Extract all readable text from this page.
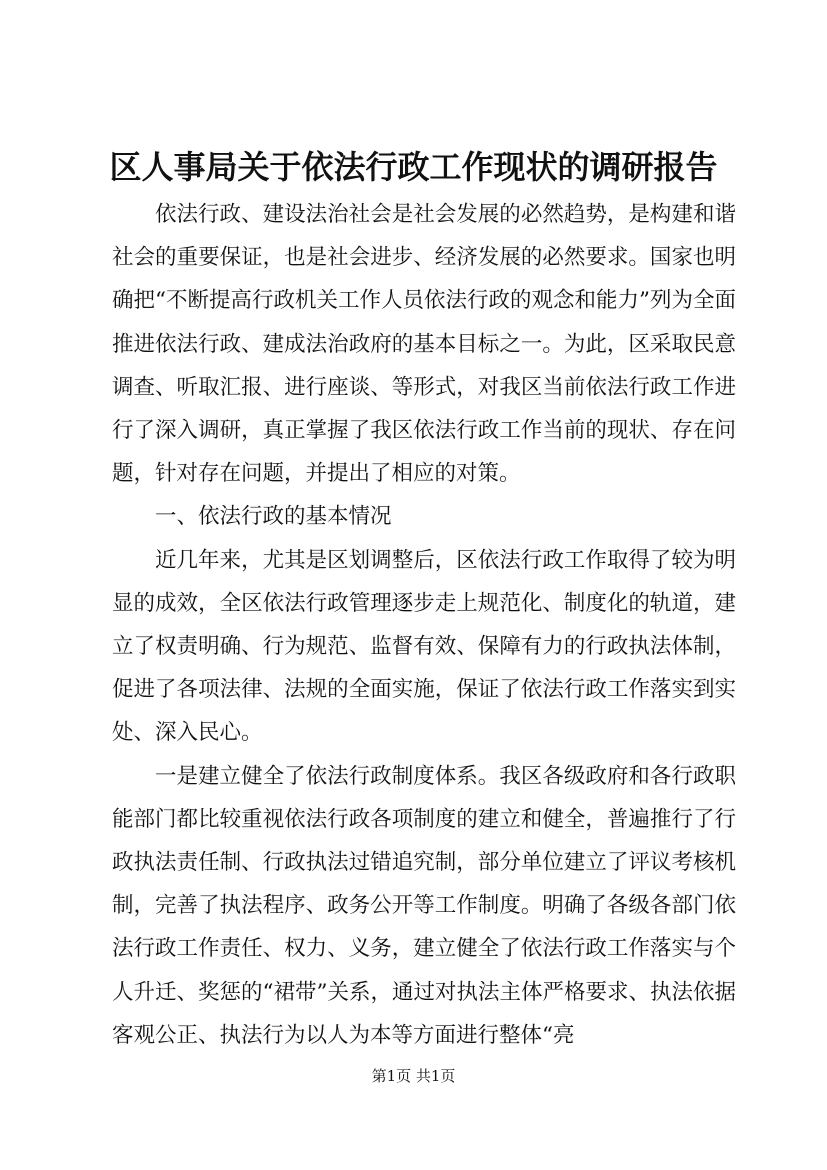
区人事局关于依法行政工作现状的调研报告

依法行政、建设法治社会是社会发展的必然趋势，是构建和谐社会的重要保证，也是社会进步、经济发展的必然要求。国家也明确把“不断提高行政机关工作人员依法行政的观念和能力”列为全面推进依法行政、建成法治政府的基本目标之一。为此，区采取民意调查、听取汇报、进行座谈、等形式，对我区当前依法行政工作进行了深入调研，真正掌握了我区依法行政工作当前的现状、存在问题，针对存在问题，并提出了相应的对策。

一、依法行政的基本情况

近几年来，尤其是区划调整后，区依法行政工作取得了较为明显的成效，全区依法行政管理逐步走上规范化、制度化的轨道，建立了权责明确、行为规范、监督有效、保障有力的行政执法体制，促进了各项法律、法规的全面实施，保证了依法行政工作落实到实处、深入民心。

一是建立健全了依法行政制度体系。我区各级政府和各行政职能部门都比较重视依法行政各项制度的建立和健全，普遍推行了行政执法责任制、行政执法过错追究制，部分单位建立了评议考核机制，完善了执法程序、政务公开等工作制度。明确了各级各部门依法行政工作责任、权力、义务，建立健全了依法行政工作落实与个人升迁、奖惩的“裙带”关系，通过对执法主体严格要求、执法依据客观公正、执法行为以人为本等方面进行整体“亮

第1页 共1页
